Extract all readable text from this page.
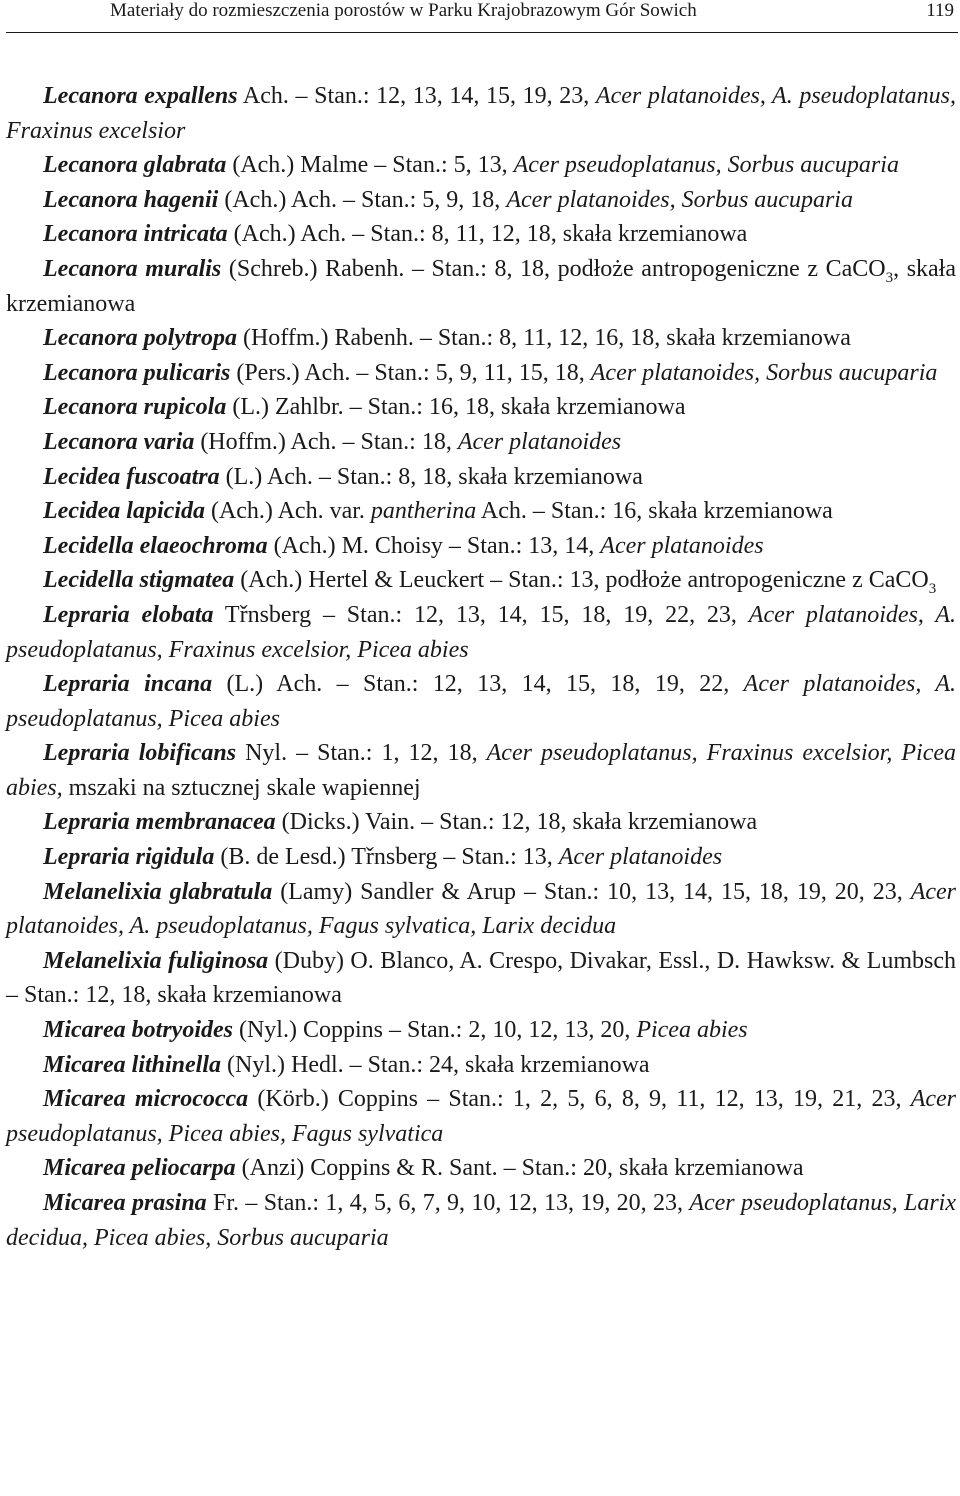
Materiały do rozmieszczenia porostów w Parku Krajobrazowym Gór Sowich	119

Lecanora expallens Ach. – Stan.: 12, 13, 14, 15, 19, 23, Acer platanoides, A. pseudoplatanus, Fraxinus excelsior

Lecanora glabrata (Ach.) Malme – Stan.: 5, 13, Acer pseudoplatanus, Sorbus aucuparia

Lecanora hagenii (Ach.) Ach. – Stan.: 5, 9, 18, Acer platanoides, Sorbus aucuparia

Lecanora intricata (Ach.) Ach. – Stan.: 8, 11, 12, 18, skała krzemianowa

Lecanora muralis (Schreb.) Rabenh. – Stan.: 8, 18, podłoże antropogeniczne z CaCO$_3$, skała krzemianowa

Lecanora polytropa (Hoffm.) Rabenh. – Stan.: 8, 11, 12, 16, 18, skała krzemianowa

Lecanora pulicaris (Pers.) Ach. – Stan.: 5, 9, 11, 15, 18, Acer platanoides, Sorbus aucuparia

Lecanora rupicola (L.) Zahlbr. – Stan.: 16, 18, skała krzemianowa

Lecanora varia (Hoffm.) Ach. – Stan.: 18, Acer platanoides

Lecidea fuscoatra (L.) Ach. – Stan.: 8, 18, skała krzemianowa

Lecidea lapicida (Ach.) Ach. var. pantherina Ach. – Stan.: 16, skała krzemianowa

Lecidella elaeochroma (Ach.) M. Choisy – Stan.: 13, 14, Acer platanoides

Lecidella stigmatea (Ach.) Hertel & Leuckert – Stan.: 13, podłoże antropogeniczne z CaCO$_3$

Lepraria elobata Třnsberg – Stan.: 12, 13, 14, 15, 18, 19, 22, 23, Acer platanoides, A. pseudoplatanus, Fraxinus excelsior, Picea abies

Lepraria incana (L.) Ach. – Stan.: 12, 13, 14, 15, 18, 19, 22, Acer platanoides, A. pseudoplatanus, Picea abies

Lepraria lobificans Nyl. – Stan.: 1, 12, 18, Acer pseudoplatanus, Fraxinus excelsior, Picea abies, mszaki na sztucznej skale wapiennej

Lepraria membranacea (Dicks.) Vain. – Stan.: 12, 18, skała krzemianowa

Lepraria rigidula (B. de Lesd.) Třnsberg – Stan.: 13, Acer platanoides

Melanelixia glabratula (Lamy) Sandler & Arup – Stan.: 10, 13, 14, 15, 18, 19, 20, 23, Acer platanoides, A. pseudoplatanus, Fagus sylvatica, Larix decidua

Melanelixia fuliginosa (Duby) O. Blanco, A. Crespo, Divakar, Essl., D. Hawksw. & Lumbsch – Stan.: 12, 18, skała krzemianowa

Micarea botryoides (Nyl.) Coppins – Stan.: 2, 10, 12, 13, 20, Picea abies

Micarea lithinella (Nyl.) Hedl. – Stan.: 24, skała krzemianowa

Micarea micrococca (Körb.) Coppins – Stan.: 1, 2, 5, 6, 8, 9, 11, 12, 13, 19, 21, 23, Acer pseudoplatanus, Picea abies, Fagus sylvatica

Micarea peliocarpa (Anzi) Coppins & R. Sant. – Stan.: 20, skała krzemianowa

Micarea prasina Fr. – Stan.: 1, 4, 5, 6, 7, 9, 10, 12, 13, 19, 20, 23, Acer pseudoplatanus, Larix decidua, Picea abies, Sorbus aucuparia
